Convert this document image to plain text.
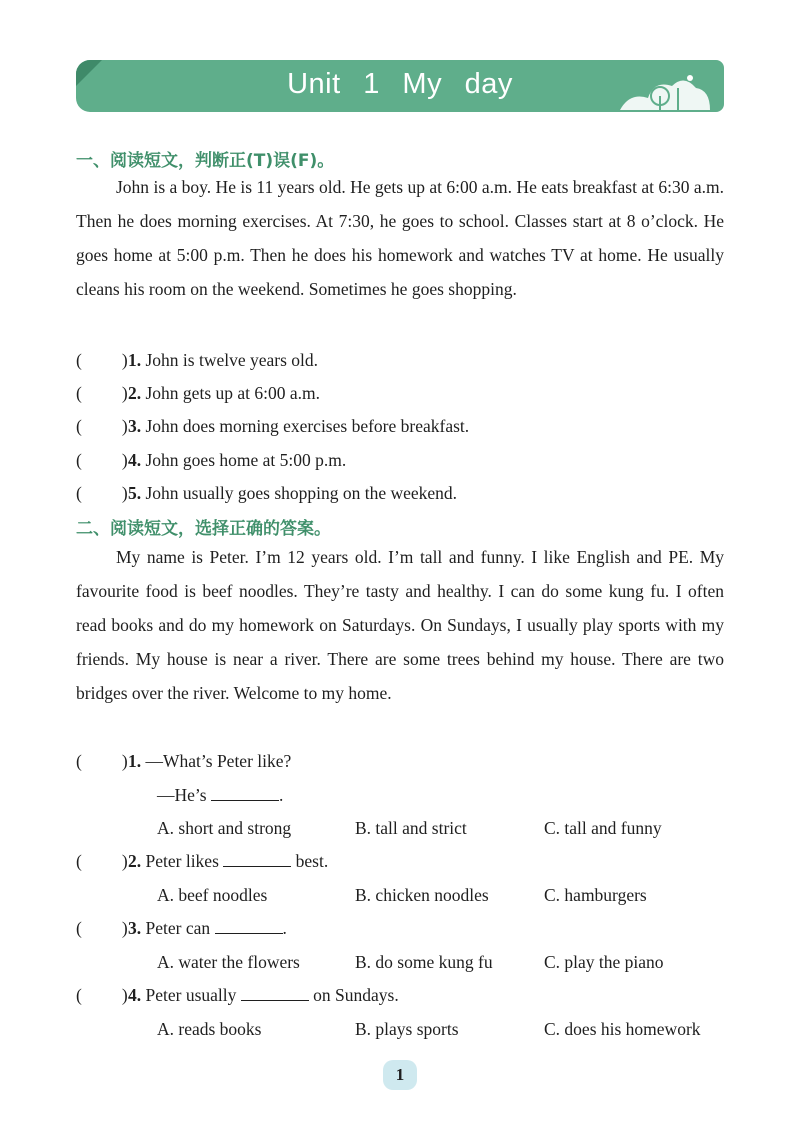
Unit 1 My day
一、阅读短文，判断正(T)误(F)。
John is a boy. He is 11 years old. He gets up at 6:00 a.m. He eats breakfast at 6:30 a.m. Then he does morning exercises. At 7:30, he goes to school. Classes start at 8 o’clock. He goes home at 5:00 p.m. Then he does his homework and watches TV at home. He usually cleans his room on the weekend. Sometimes he goes shopping.
( )1. John is twelve years old.
( )2. John gets up at 6:00 a.m.
( )3. John does morning exercises before breakfast.
( )4. John goes home at 5:00 p.m.
( )5. John usually goes shopping on the weekend.
二、阅读短文，选择正确的答案。
My name is Peter. I’m 12 years old. I’m tall and funny. I like English and PE. My favourite food is beef noodles. They’re tasty and healthy. I can do some kung fu. I often read books and do my homework on Saturdays. On Sundays, I usually play sports with my friends. My house is near a river. There are some trees behind my house. There are two bridges over the river. Welcome to my home.
( )1. —What’s Peter like?
—He’s	.
A. short and strong	B. tall and strict	C. tall and funny
( )2. Peter likes	best.
A. beef noodles	B. chicken noodles	C. hamburgers
( )3. Peter can	.
A. water the flowers	B. do some kung fu	C. play the piano
( )4. Peter usually	on Sundays.
A. reads books	B. plays sports	C. does his homework
1
